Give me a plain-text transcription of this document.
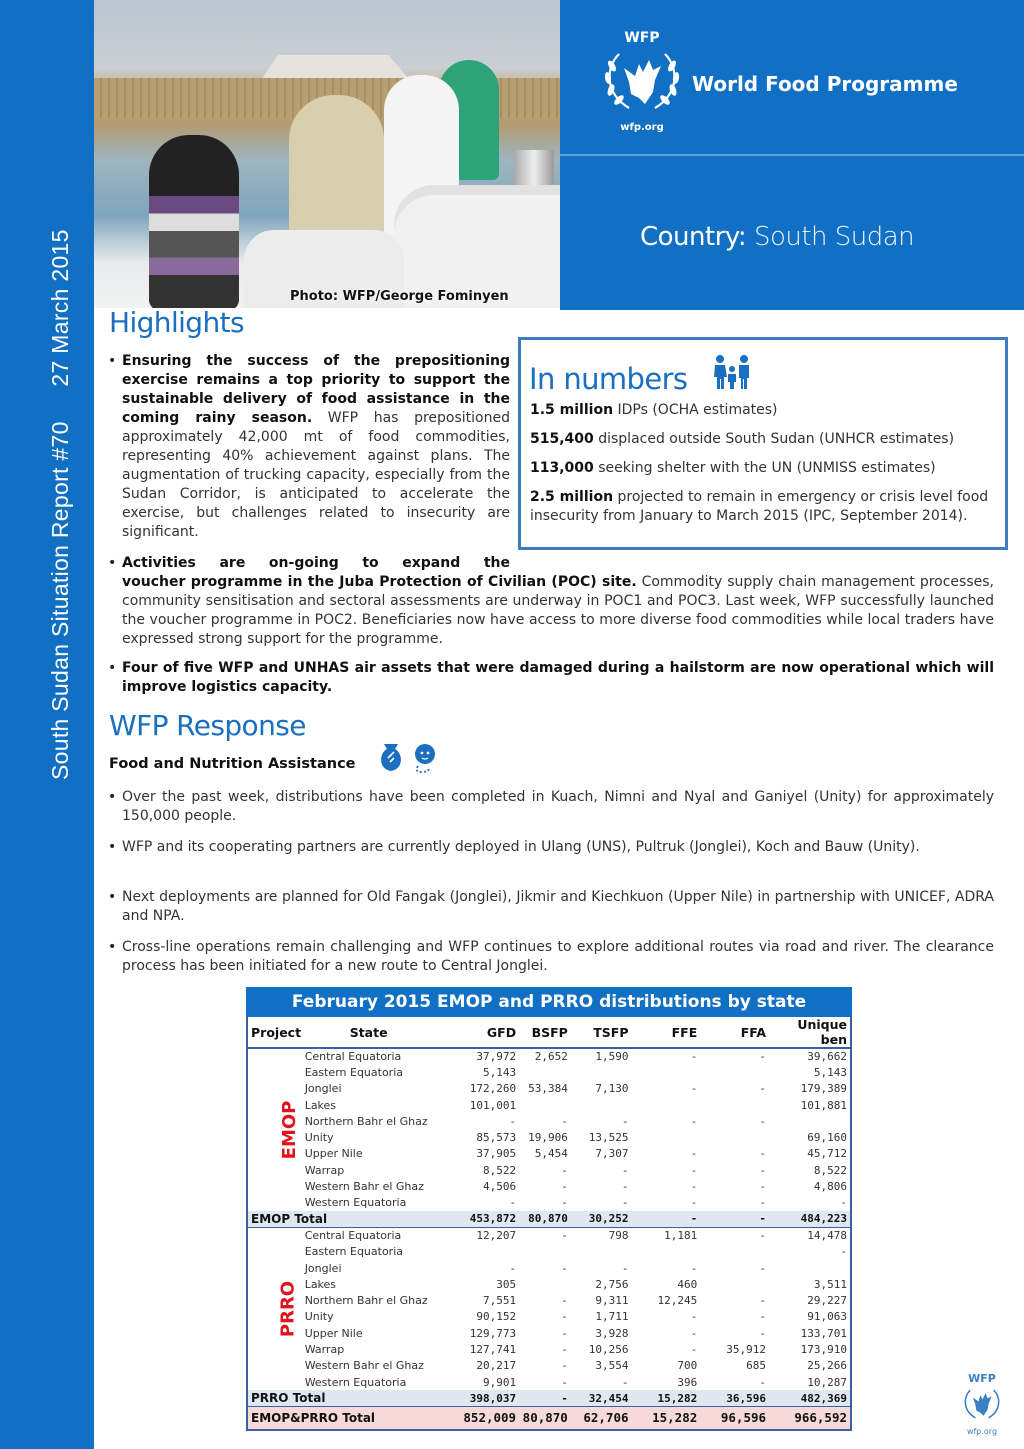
South Sudan Situation Report #70 27 March 2015	Photo: WFP/George Fominyen
WFP
wfp.org
World Food Programme
Country: South Sudan
Highlights
• Ensuring the success of the prepositioning exercise remains a top priority to support the sustainable delivery of food assistance in the coming rainy season. WFP has prepositioned approximately 42,000 mt of food commodities, representing 40% achievement against plans. The augmentation of trucking capacity, especially from the Sudan Corridor, is anticipated to accelerate the exercise, but challenges related to insecurity are significant.
In numbers
1.5 million IDPs (OCHA estimates)
515,400 displaced outside South Sudan (UNHCR estimates)
113,000 seeking shelter with the UN (UNMISS estimates)
2.5 million projected to remain in emergency or crisis level food insecurity from January to March 2015 (IPC, September 2014).
• Activities are on-going to expand the
voucher programme in the Juba Protection of Civilian (POC) site. Commodity supply chain management processes, community sensitisation and sectoral assessments are underway in POC1 and POC3. Last week, WFP successfully launched the voucher programme in POC2. Beneficiaries now have access to more diverse food commodities while local traders have expressed strong support for the programme.
• Four of five WFP and UNHAS air assets that were damaged during a hailstorm are now operational which will improve logistics capacity.
WFP Response
Food and Nutrition Assistance
• Over the past week, distributions have been completed in Kuach, Nimni and Nyal and Ganiyel (Unity) for approximately 150,000 people.
• WFP and its cooperating partners are currently deployed in Ulang (UNS), Pultruk (Jonglei), Koch and Bauw (Unity).
• Next deployments are planned for Old Fangak (Jonglei), Jikmir and Kiechkuon (Upper Nile) in partnership with UNICEF, ADRA and NPA.
• Cross-line operations remain challenging and WFP continues to explore additional routes via road and river. The clearance process has been initiated for a new route to Central Jonglei.
February 2015 EMOP and PRRO distributions by state
Project	State	GFD	BSFP	TSFP	FFE	FFA	Unique ben

EMOP	Central Equatoria	37,972	2,652	1,590	-	-	39,662
	Eastern Equatoria	5,143					5,143
	Jonglei	172,260	53,384	7,130	-	-	179,389
	Lakes	101,001					101,881
	Northern Bahr el Ghaz	-	-	-	-	-	
	Unity	85,573	19,906	13,525			69,160
	Upper Nile	37,905	5,454	7,307	-	-	45,712
	Warrap	8,522	-	-	-	-	8,522
	Western Bahr el Ghaz	4,506	-	-	-	-	4,806
	Western Equatoria	-	-	-	-	-	-
EMOP Total		453,872	80,870	30,252	-	-	484,223

PRRO	Central Equatoria	12,207	-	798	1,181	-	14,478
	Eastern Equatoria						-
	Jonglei	-	-	-	-	-	
	Lakes	305		2,756	460		3,511
	Northern Bahr el Ghaz	7,551	-	9,311	12,245	-	29,227
	Unity	90,152	-	1,711	-	-	91,063
	Upper Nile	129,773	-	3,928	-	-	133,701
	Warrap	127,741	-	10,256	-	35,912	173,910
	Western Bahr el Ghaz	20,217	-	3,554	700	685	25,266
	Western Equatoria	9,901	-	-	396	-	10,287
PRRO Total		398,037	-	32,454	15,282	36,596	482,369
EMOP&PRRO Total		852,009	80,870	62,706	15,282	96,596	966,592
WFP
wfp.org
